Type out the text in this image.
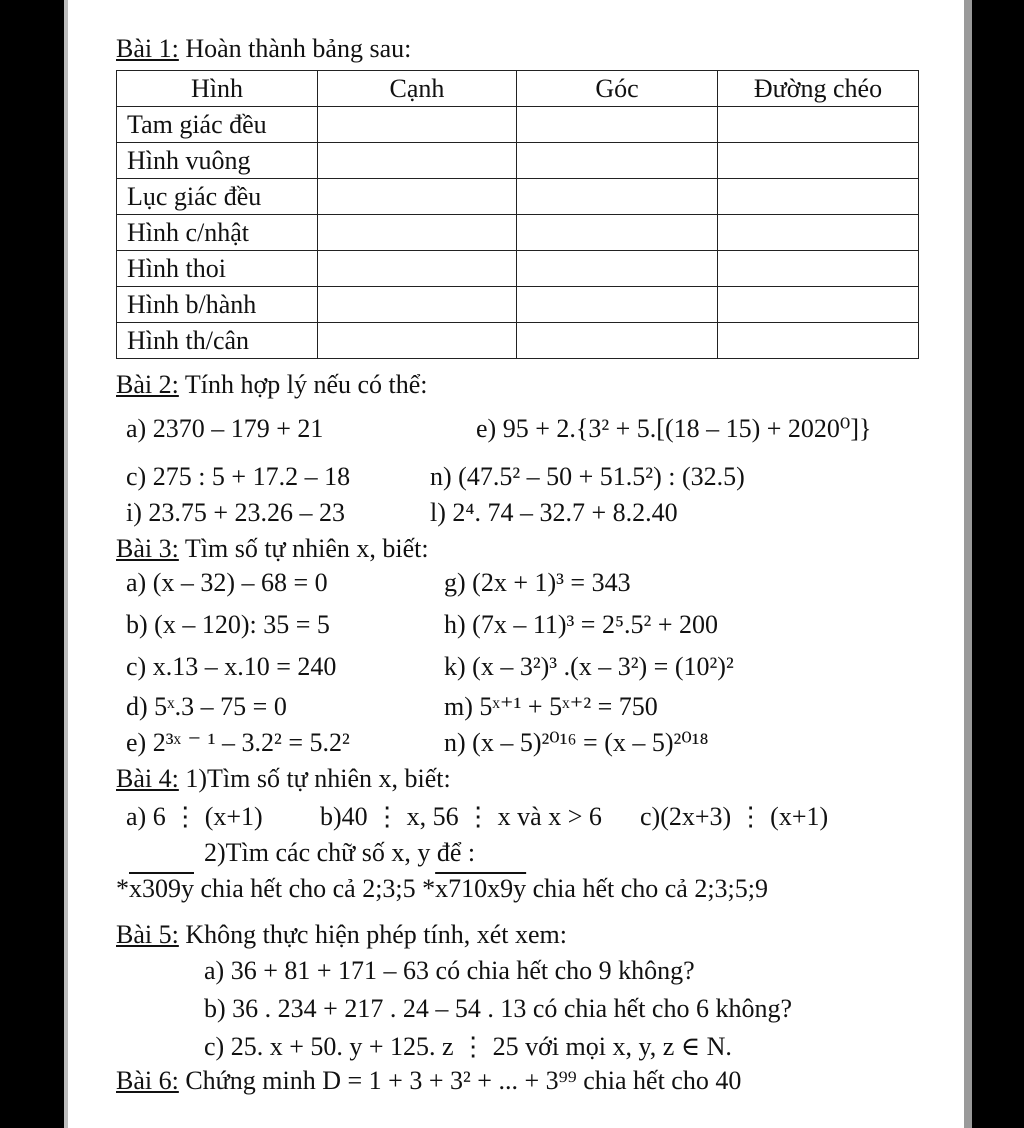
Bài 1: Hoàn thành bảng sau:
Hình	Cạnh	Góc	Đường chéo
Tam giác đều			
Hình vuông			
Lục giác đều			
Hình c/nhật			
Hình thoi			
Hình b/hành			
Hình th/cân			
Bài 2: Tính hợp lý nếu có thể:
a) 2370 – 179 + 21	e) 95 + 2.{3² + 5.[(18 – 15) + 2020⁰]}
c) 275 : 5 + 17.2 – 18	n) (47.5² – 50 + 51.5²) : (32.5)
i) 23.75 + 23.26 – 23	l) 2⁴. 74 – 32.7 + 8.2.40
Bài 3: Tìm số tự nhiên x, biết:
a) (x – 32) – 68 = 0	g) (2x + 1)³ = 343
b) (x – 120): 35 = 5	h) (7x – 11)³ = 2⁵.5² + 200
c) x.13 – x.10 = 240	k) (x – 3²)³ .(x – 3²) = (10²)²
d) 5ˣ.3 – 75 = 0	m) 5ˣ⁺¹ + 5ˣ⁺² = 750
e) 2³ˣ ⁻ ¹ – 3.2² = 5.2²	n) (x – 5)²⁰¹⁶ = (x – 5)²⁰¹⁸
Bài 4: 1)Tìm số tự nhiên x, biết:
a) 6 ⋮ (x+1) b)40 ⋮ x, 56 ⋮ x và x > 6 c)(2x+3) ⋮ (x+1)
2)Tìm các chữ số x, y để :
*x309y chia hết cho cả 2;3;5 *x710x9y chia hết cho cả 2;3;5;9
Bài 5: Không thực hiện phép tính, xét xem:
a) 36 + 81 + 171 – 63 có chia hết cho 9 không?
b) 36 . 234 + 217 . 24 – 54 . 13 có chia hết cho 6 không?
c) 25. x + 50. y + 125. z ⋮ 25 với mọi x, y, z ∈ N.
Bài 6: Chứng minh D = 1 + 3 + 3² + ... + 3⁹⁹ chia hết cho 40
